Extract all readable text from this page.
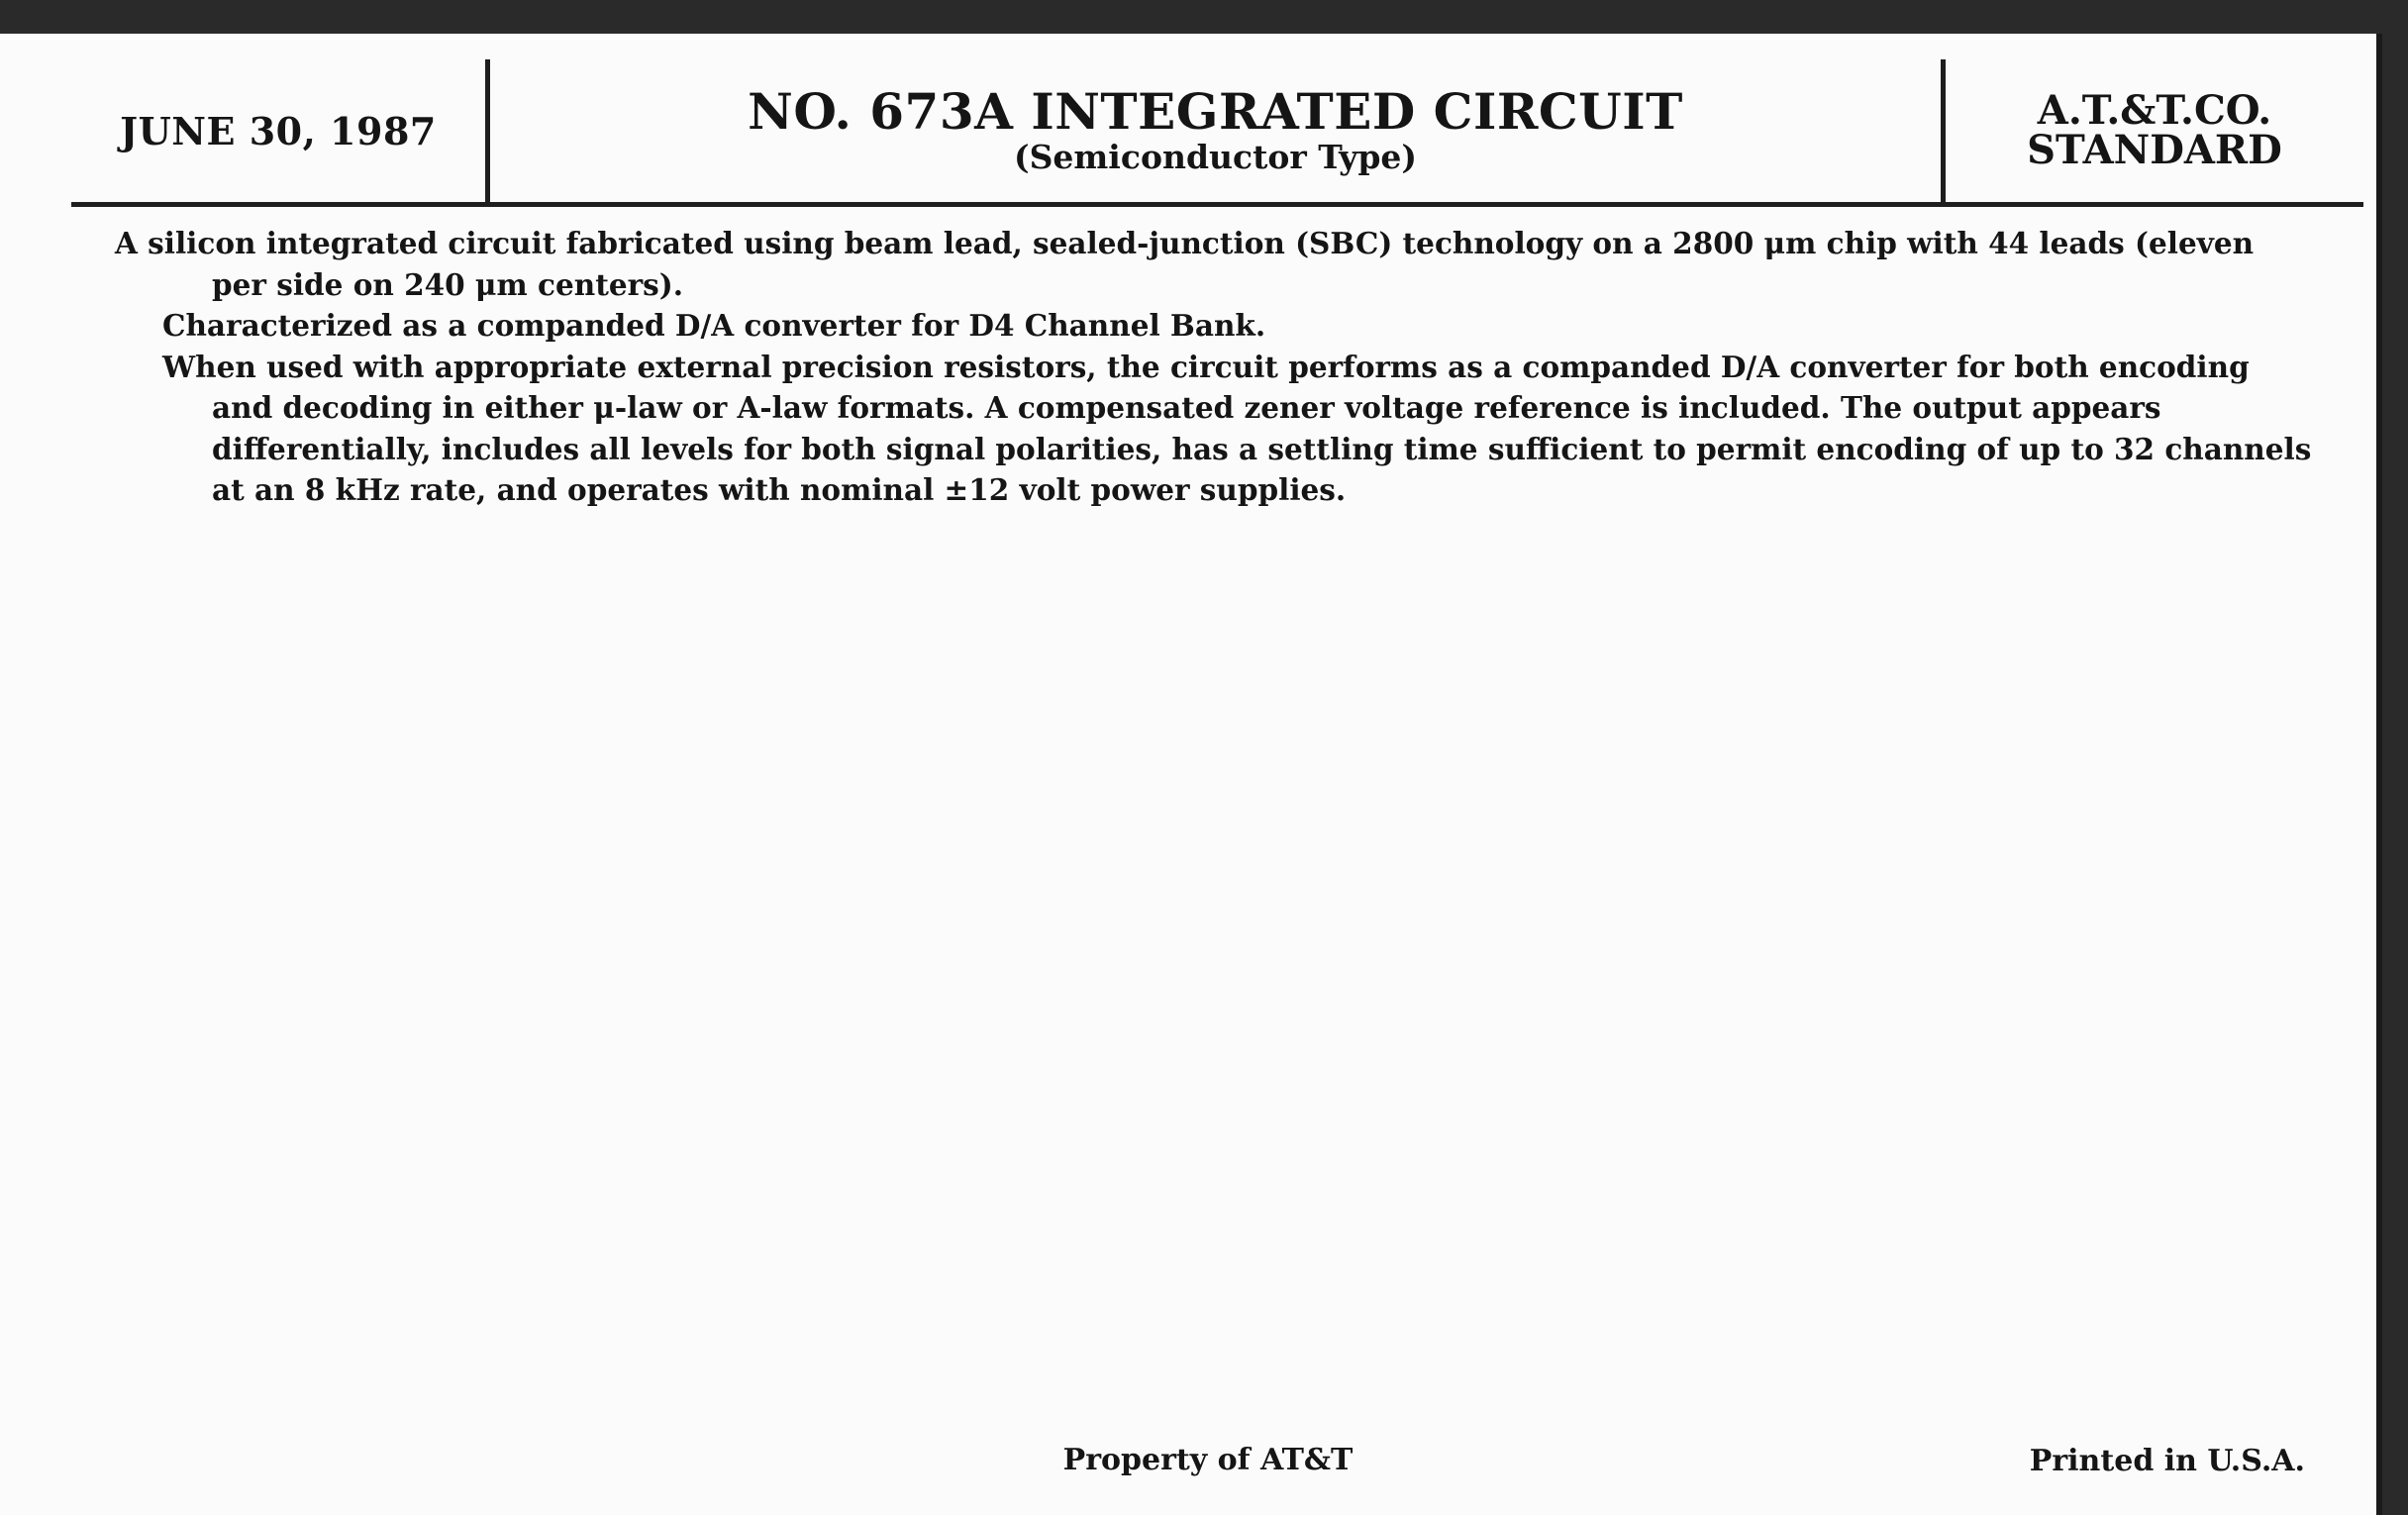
JUNE 30, 1987	NO. 673A INTEGRATED CIRCUIT
(Semiconductor Type)
A.T.&T.CO.
STANDARD

A silicon integrated circuit fabricated using beam lead, sealed-junction (SBC) technology on a 2800 μm chip with 44 leads (eleven per side on 240 μm centers).

Characterized as a companded D/A converter for D4 Channel Bank.

When used with appropriate external precision resistors, the circuit performs as a companded D/A converter for both encoding and decoding in either μ-law or A-law formats. A compensated zener voltage reference is included. The output appears differentially, includes all levels for both signal polarities, has a settling time sufficient to permit encoding of up to 32 channels at an 8 kHz rate, and operates with nominal ±12 volt power supplies.

Property of AT&T	Printed in U.S.A.
